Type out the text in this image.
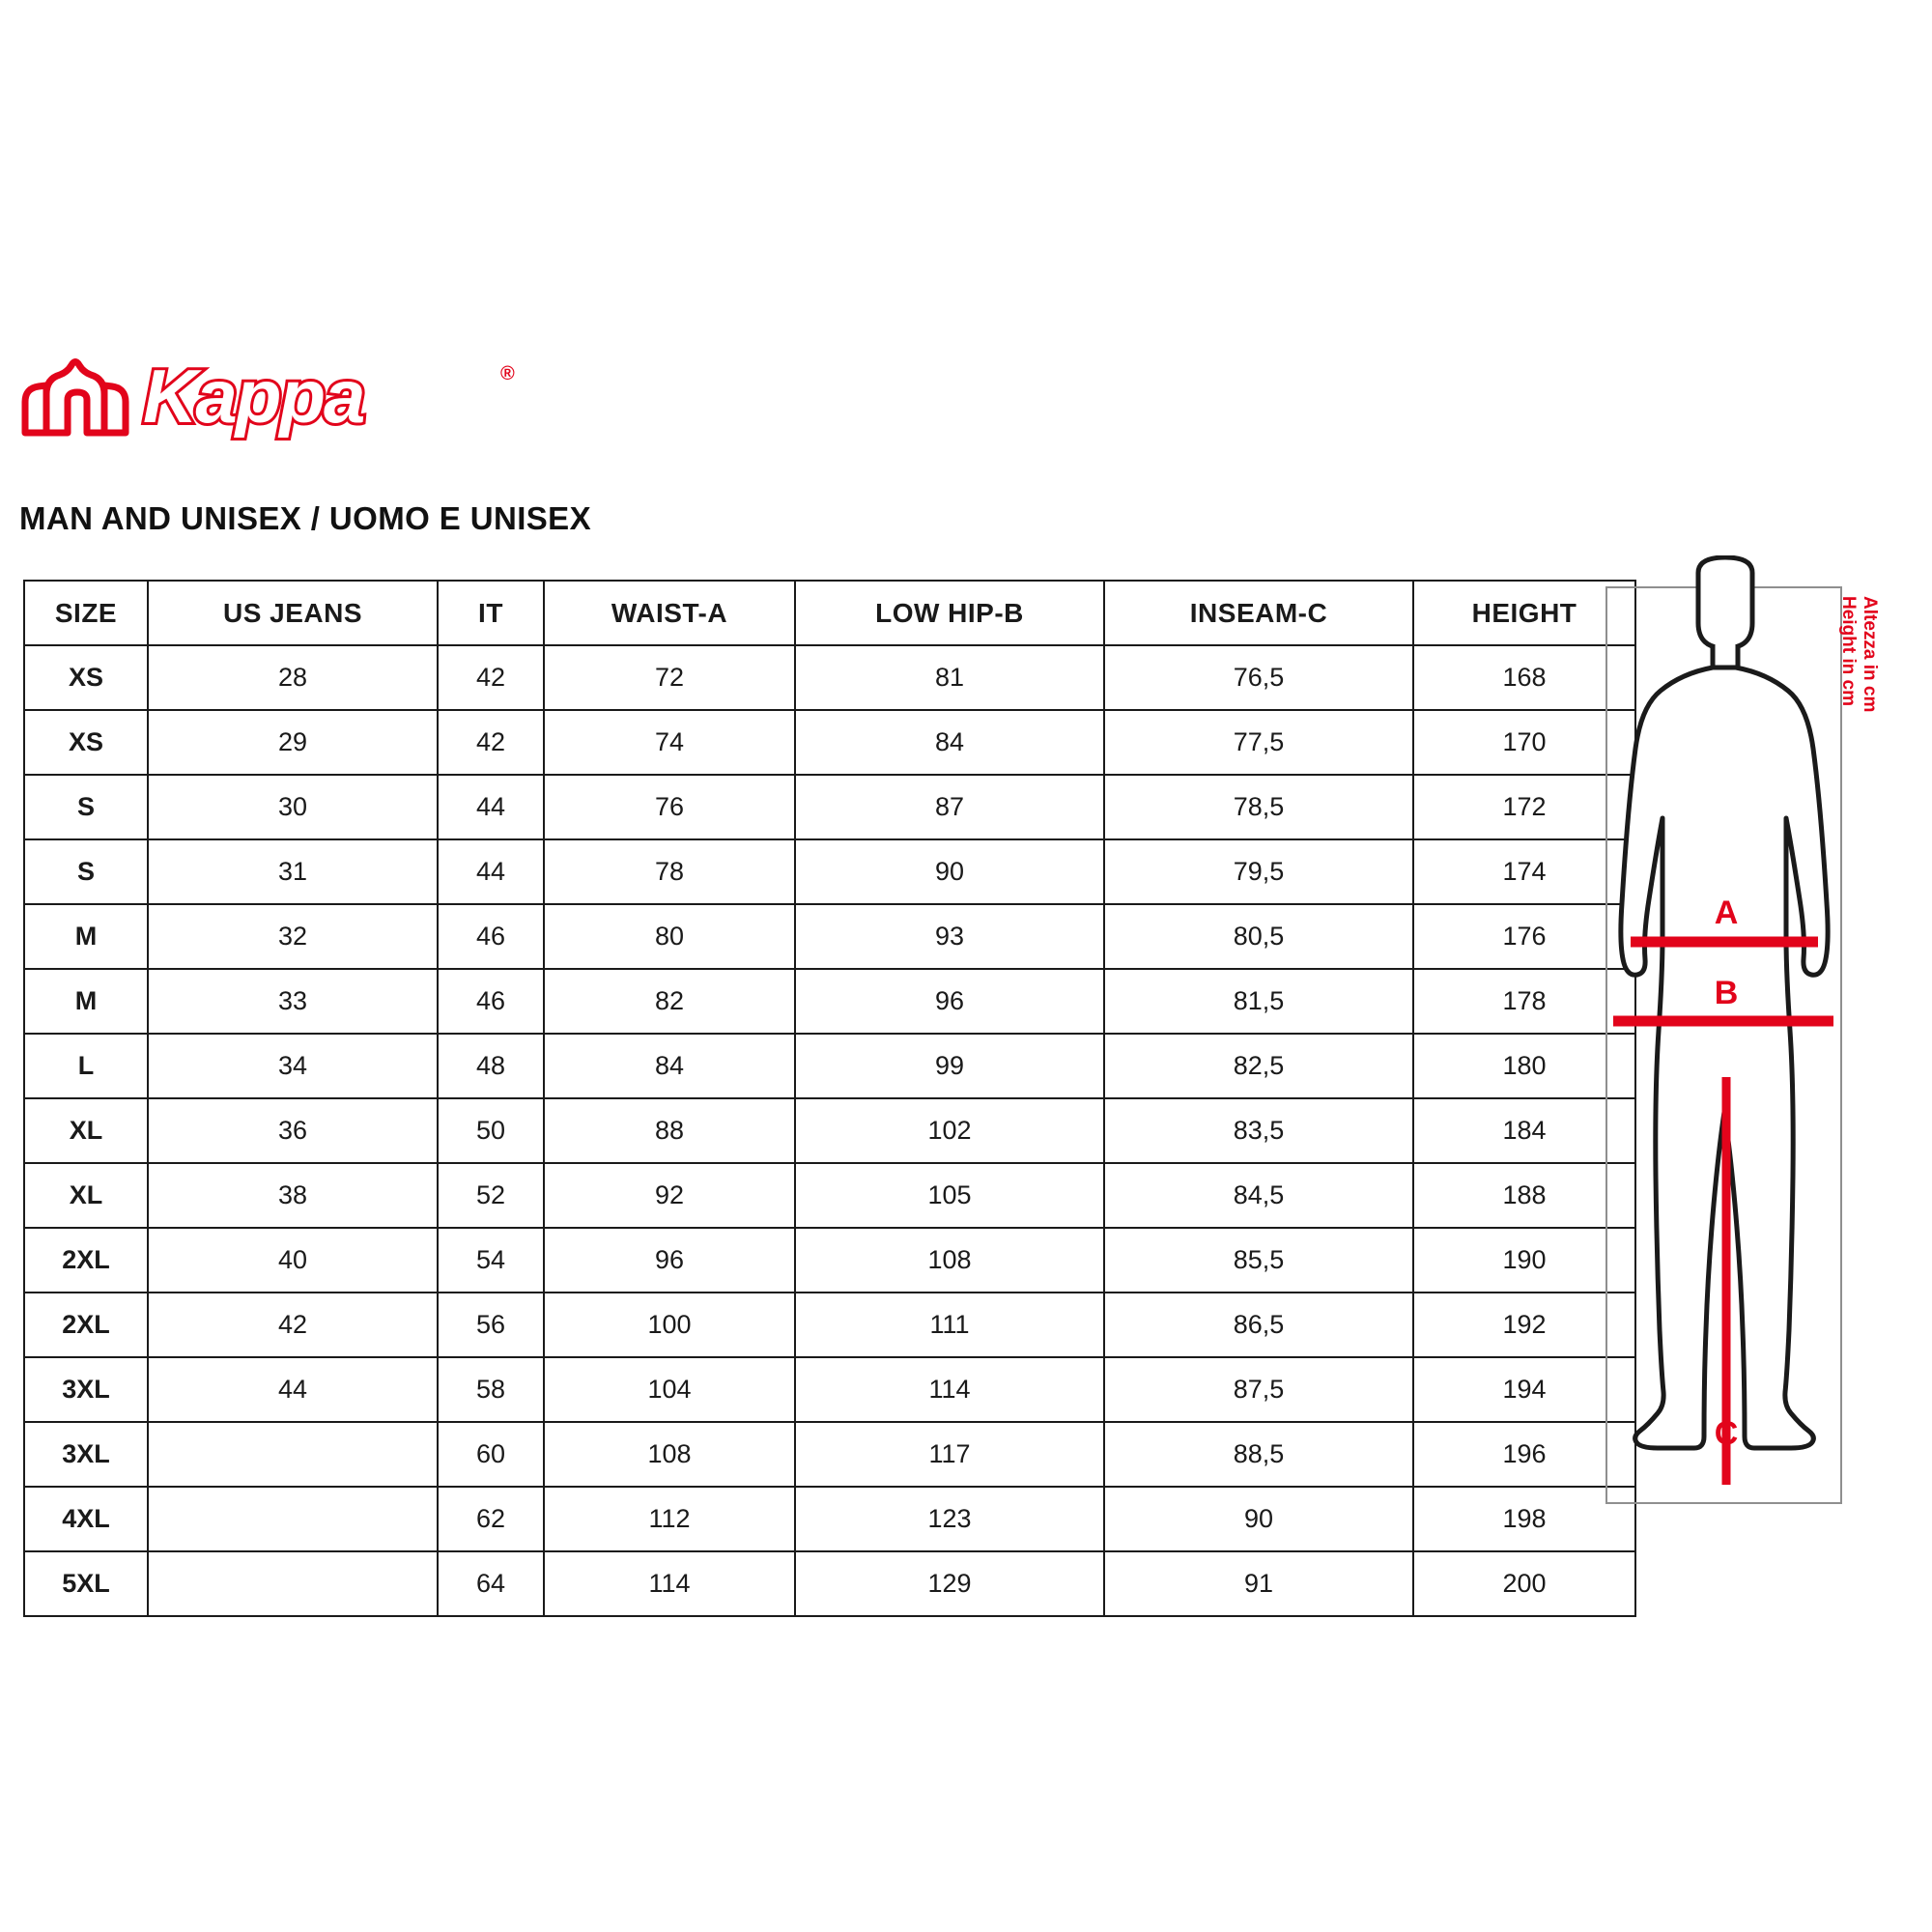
Kappa	®
MAN AND UNISEX / UOMO E UNISEX
SIZE	US JEANS	IT	WAIST-A	LOW HIP-B	INSEAM-C	HEIGHT
XS	28	42	72	81	76,5	168
XS	29	42	74	84	77,5	170
S	30	44	76	87	78,5	172
S	31	44	78	90	79,5	174
M	32	46	80	93	80,5	176
M	33	46	82	96	81,5	178
L	34	48	84	99	82,5	180
XL	36	50	88	102	83,5	184
XL	38	52	92	105	84,5	188
2XL	40	54	96	108	85,5	190
2XL	42	56	100	111	86,5	192
3XL	44	58	104	114	87,5	194
3XL		60	108	117	88,5	196
4XL		62	112	123	90	198
5XL		64	114	129	91	200
A
B
C
Height in cm Altezza in cm
